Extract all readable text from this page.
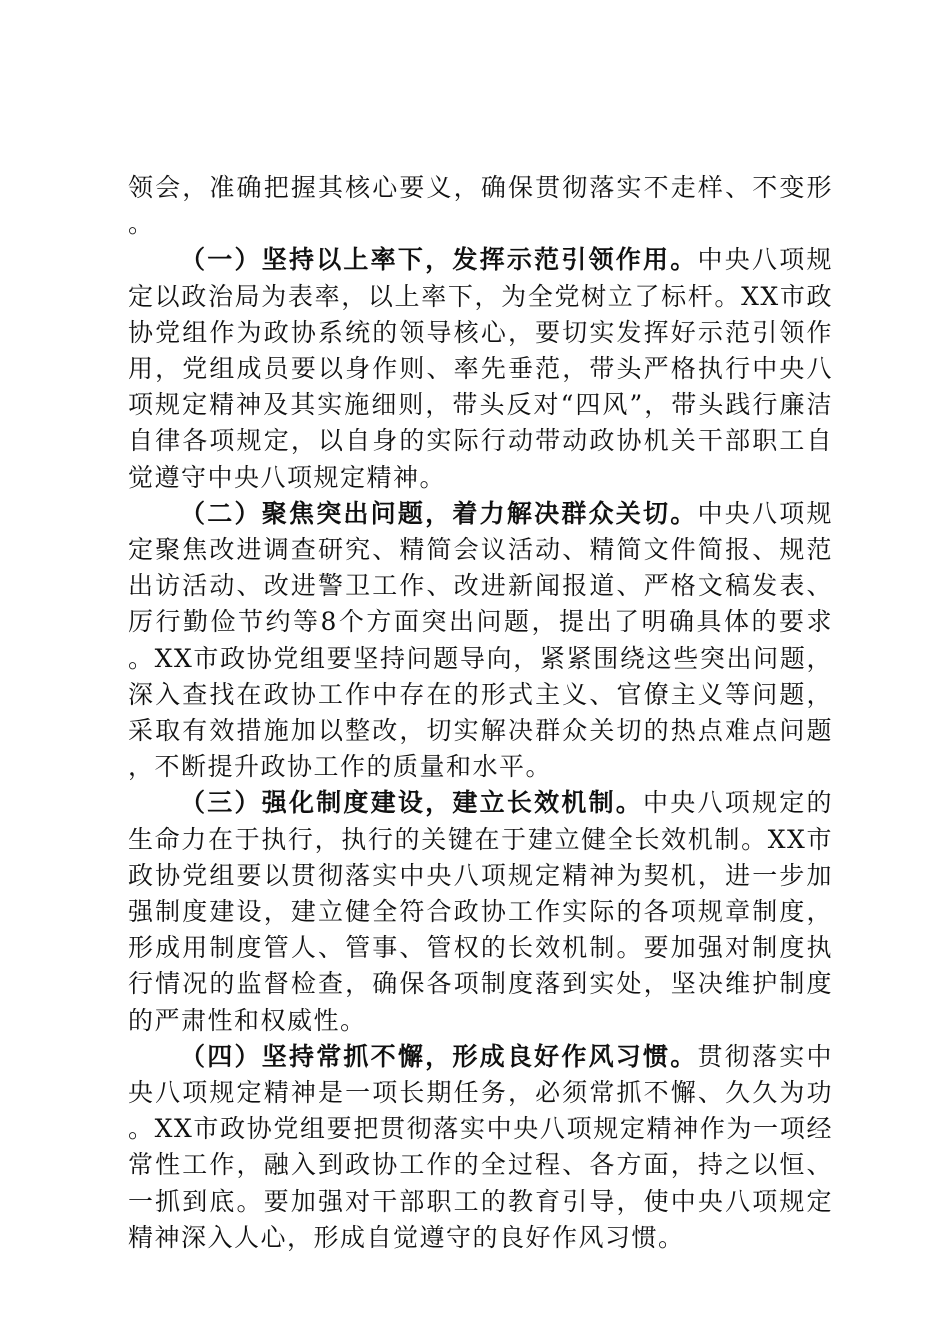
领会，准确把握其核心要义，确保贯彻落实不走样、不变形。

（一）坚持以上率下，发挥示范引领作用。中央八项规定以政治局为表率，以上率下，为全党树立了标杆。XX市政协党组作为政协系统的领导核心，要切实发挥好示范引领作用，党组成员要以身作则、率先垂范，带头严格执行中央八项规定精神及其实施细则，带头反对“四风”，带头践行廉洁自律各项规定，以自身的实际行动带动政协机关干部职工自觉遵守中央八项规定精神。

（二）聚焦突出问题，着力解决群众关切。中央八项规定聚焦改进调查研究、精简会议活动、精简文件简报、规范出访活动、改进警卫工作、改进新闻报道、严格文稿发表、厉行勤俭节约等8个方面突出问题，提出了明确具体的要求。XX市政协党组要坚持问题导向，紧紧围绕这些突出问题，深入查找在政协工作中存在的形式主义、官僚主义等问题，采取有效措施加以整改，切实解决群众关切的热点难点问题，不断提升政协工作的质量和水平。

（三）强化制度建设，建立长效机制。中央八项规定的生命力在于执行，执行的关键在于建立健全长效机制。XX市政协党组要以贯彻落实中央八项规定精神为契机，进一步加强制度建设，建立健全符合政协工作实际的各项规章制度，形成用制度管人、管事、管权的长效机制。要加强对制度执行情况的监督检查，确保各项制度落到实处，坚决维护制度的严肃性和权威性。

（四）坚持常抓不懈，形成良好作风习惯。贯彻落实中央八项规定精神是一项长期任务，必须常抓不懈、久久为功。XX市政协党组要把贯彻落实中央八项规定精神作为一项经常性工作，融入到政协工作的全过程、各方面，持之以恒、一抓到底。要加强对干部职工的教育引导，使中央八项规定精神深入人心，形成自觉遵守的良好作风习惯。
